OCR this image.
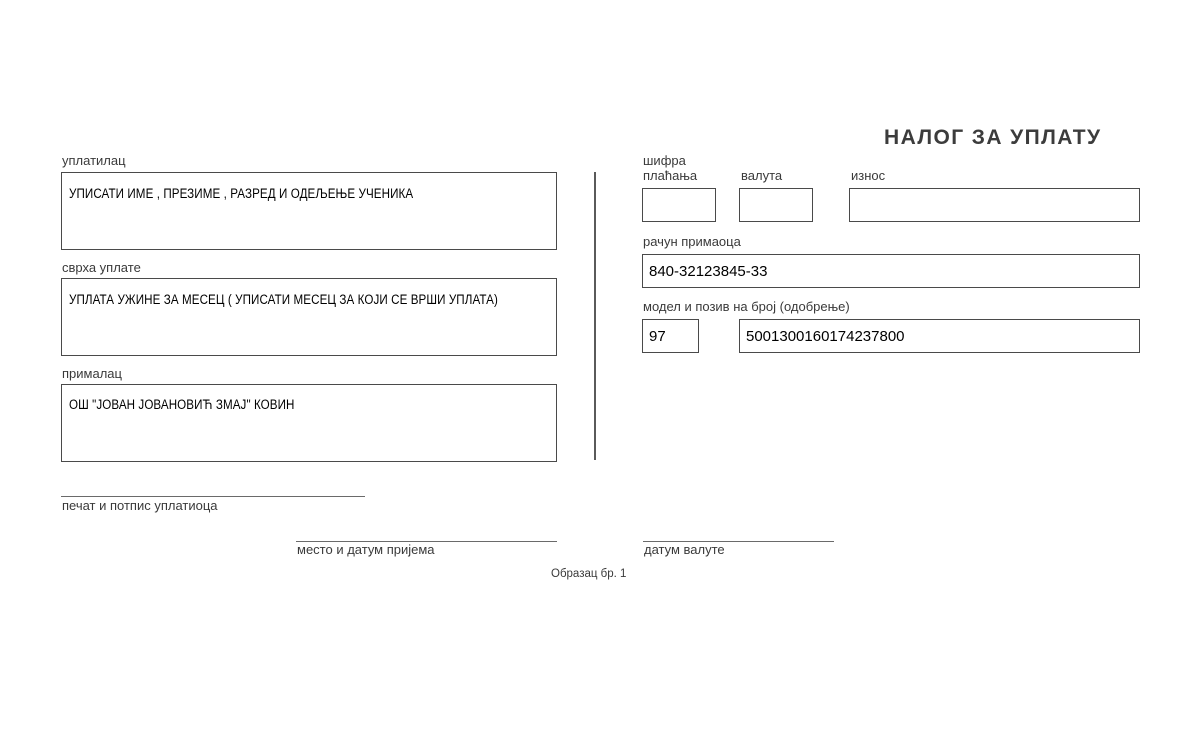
НАЛОГ ЗА УПЛАТУ
уплатилац
УПИСАТИ ИМЕ , ПРЕЗИМЕ , РАЗРЕД И ОДЕЉЕЊЕ УЧЕНИКА
сврха уплате
УПЛАТА УЖИНЕ ЗА МЕСЕЦ ( УПИСАТИ МЕСЕЦ ЗА КОЈИ СЕ ВРШИ УПЛАТА)
прималац
ОШ "ЈОВАН ЈОВАНОВИЋ ЗМАЈ" КОВИН
шифра
плаћања	валута	износ
рачун примаоца
840-32123845-33
модел и позив на број (одобрење)
97	5001300160174237800
печат и потпис уплатиоца
место и датум пријема	датум валуте
Образац бр. 1
